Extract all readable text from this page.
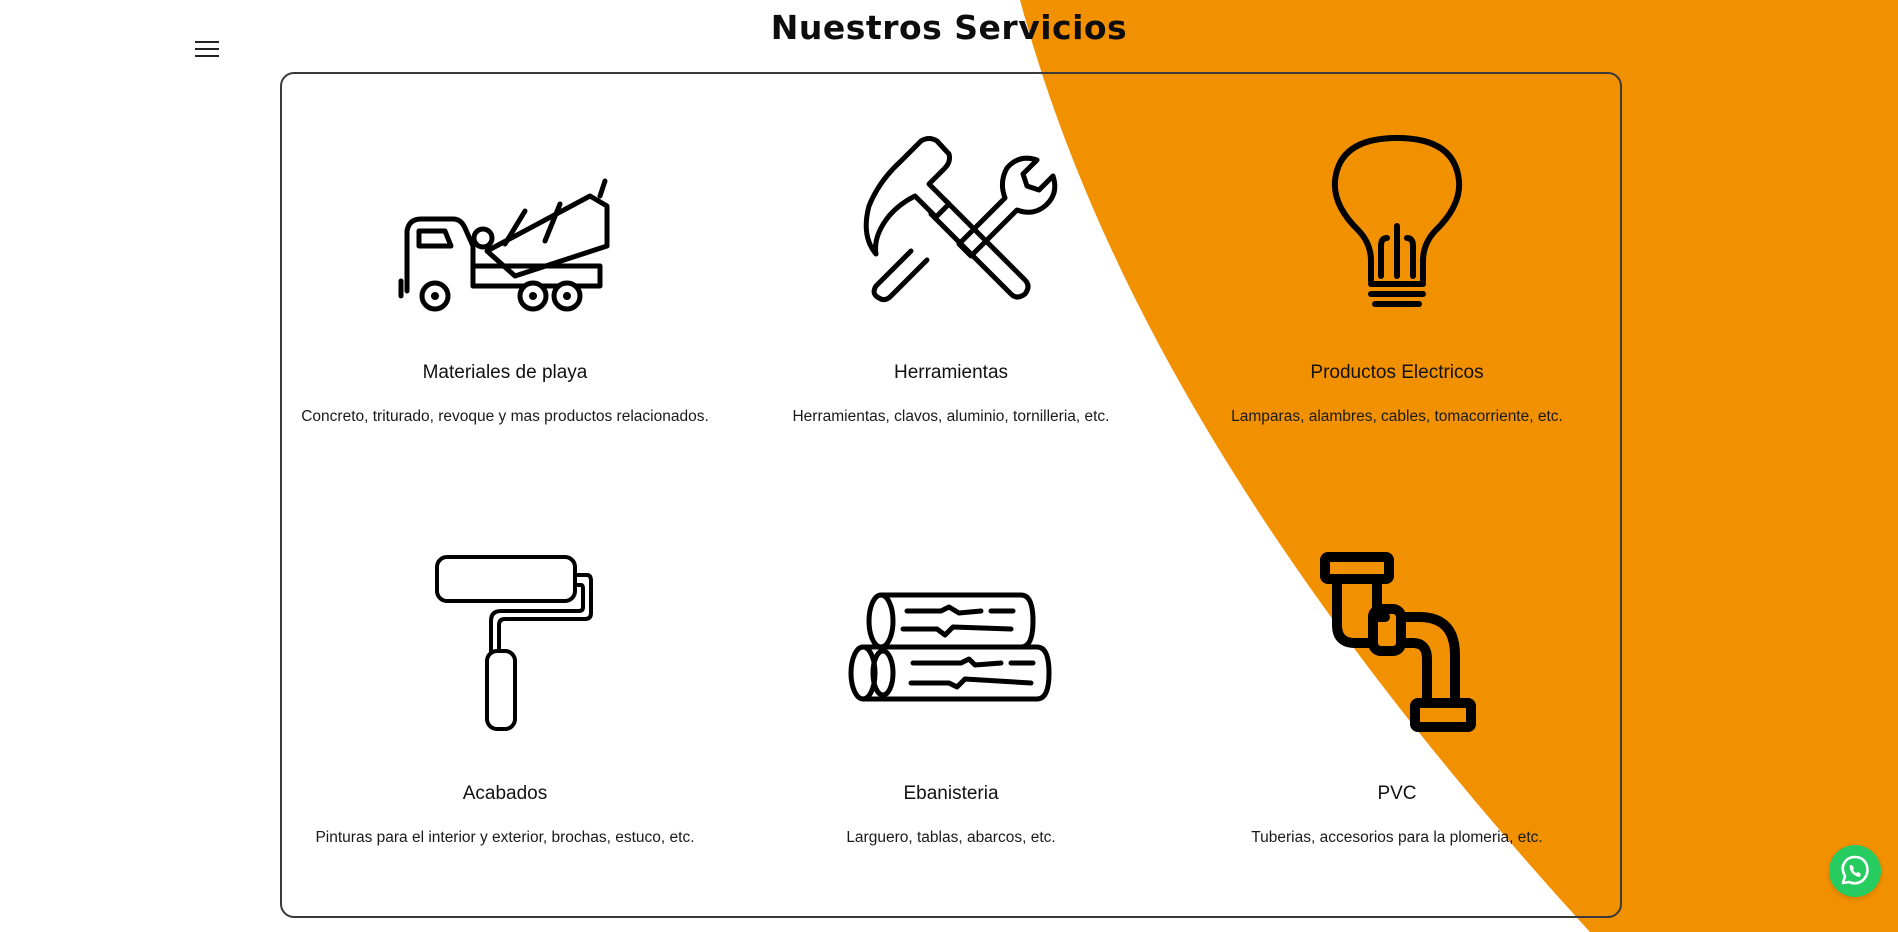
Nuestros Servicios
Materiales de playa
Concreto, triturado, revoque y mas productos relacionados.
Herramientas
Herramientas, clavos, aluminio, tornilleria, etc.
Productos Electricos
Lamparas, alambres, cables, tomacorriente, etc.
Acabados
Pinturas para el interior y exterior, brochas, estuco, etc.
Ebanisteria
Larguero, tablas, abarcos, etc.
PVC
Tuberias, accesorios para la plomeria, etc.
